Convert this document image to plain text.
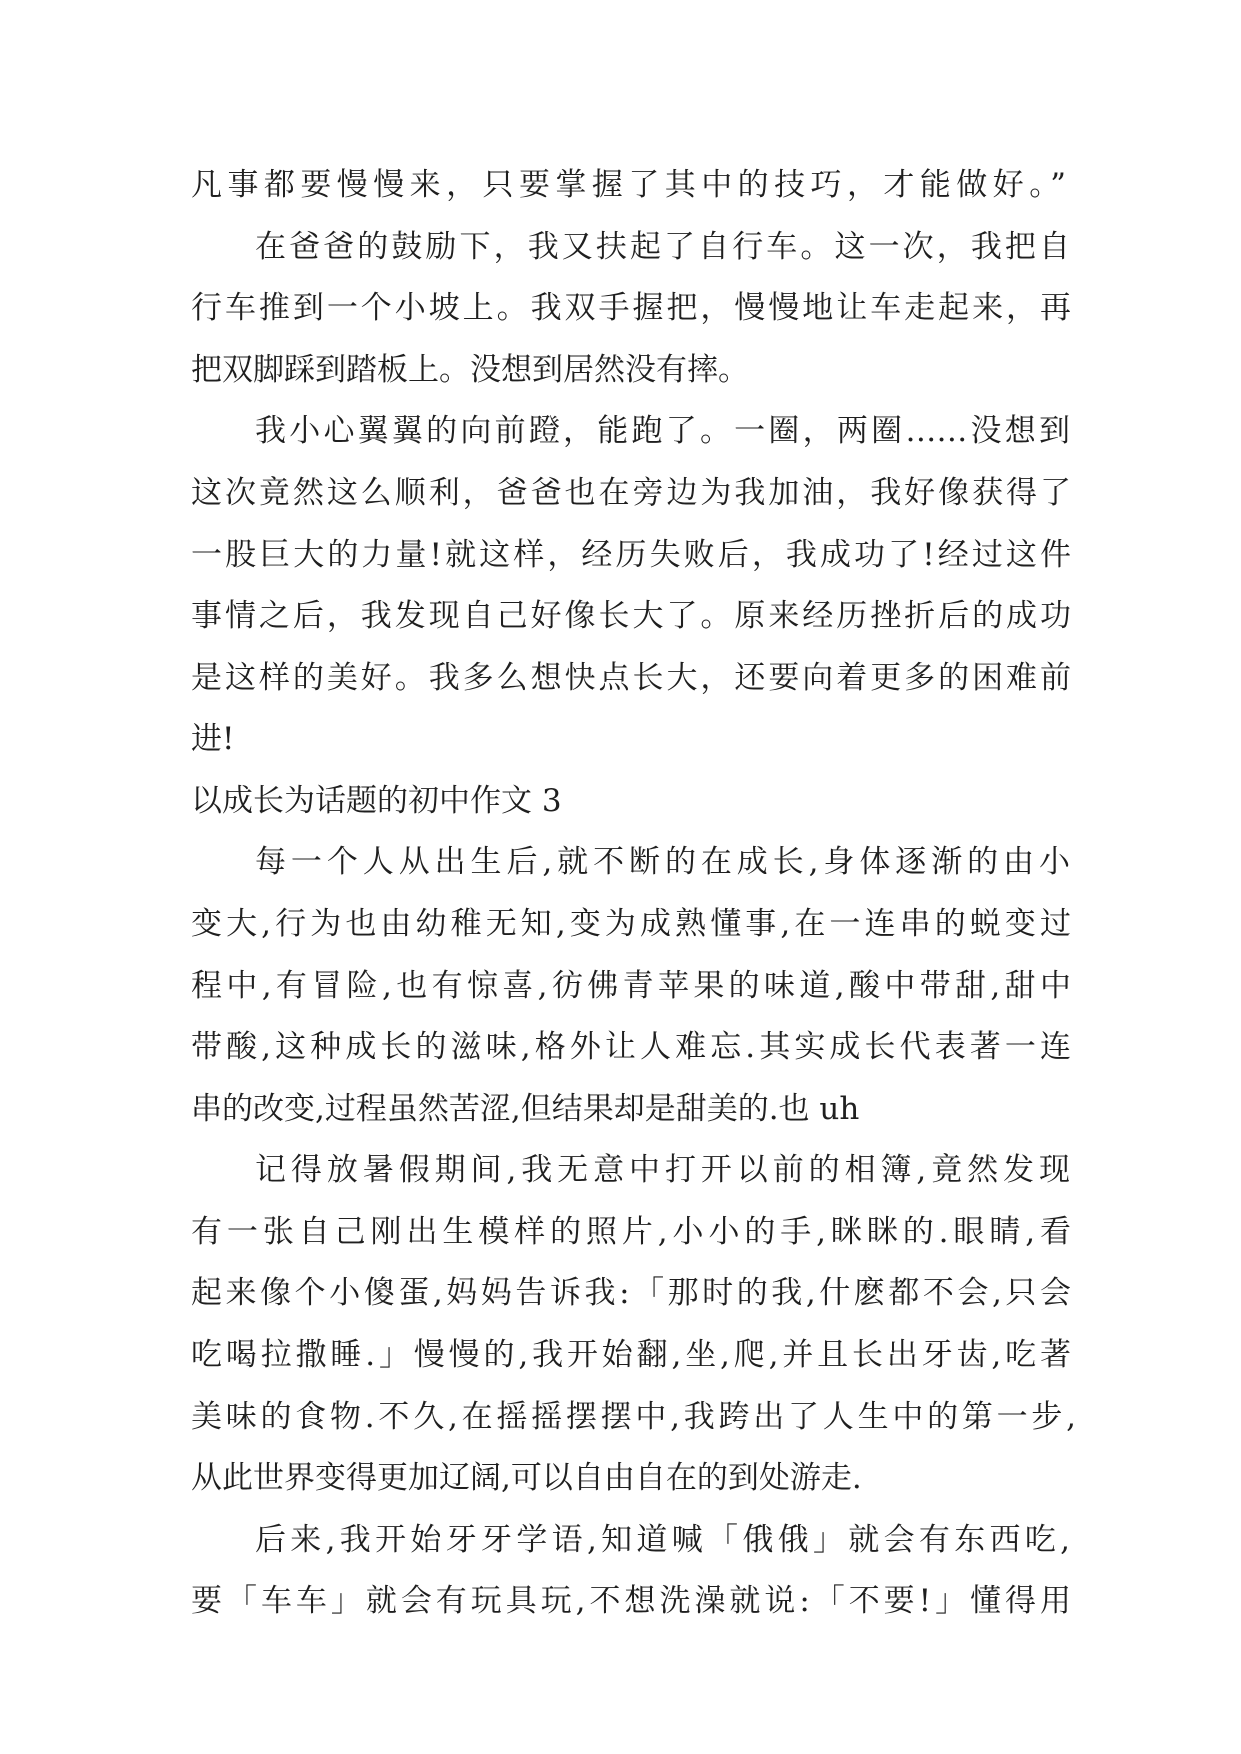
凡事都要慢慢来，只要掌握了其中的技巧，才能做好。”
在爸爸的鼓励下，我又扶起了自行车。这一次，我把自
行车推到一个小坡上。我双手握把，慢慢地让车走起来，再
把双脚踩到踏板上。没想到居然没有摔。
我小心翼翼的向前蹬，能跑了。一圈，两圈……没想到
这次竟然这么顺利，爸爸也在旁边为我加油，我好像获得了
一股巨大的力量!就这样，经历失败后，我成功了!经过这件
事情之后，我发现自己好像长大了。原来经历挫折后的成功
是这样的美好。我多么想快点长大，还要向着更多的困难前
进!
以成长为话题的初中作文 3
每一个人从出生后,就不断的在成长,身体逐渐的由小
变大,行为也由幼稚无知,变为成熟懂事,在一连串的蜕变过
程中,有冒险,也有惊喜,彷佛青苹果的味道,酸中带甜,甜中
带酸,这种成长的滋味,格外让人难忘.其实成长代表著一连
串的改变,过程虽然苦涩,但结果却是甜美的.也 uh
记得放暑假期间,我无意中打开以前的相簿,竟然发现
有一张自己刚出生模样的照片,小小的手,眯眯的.眼睛,看
起来像个小傻蛋,妈妈告诉我:「那时的我,什麽都不会,只会
吃喝拉撒睡.」慢慢的,我开始翻,坐,爬,并且长出牙齿,吃著
美味的食物.不久,在摇摇摆摆中,我跨出了人生中的第一步,
从此世界变得更加辽阔,可以自由自在的到处游走.
后来,我开始牙牙学语,知道喊「俄俄」就会有东西吃,
要「车车」就会有玩具玩,不想洗澡就说:「不要!」懂得用
